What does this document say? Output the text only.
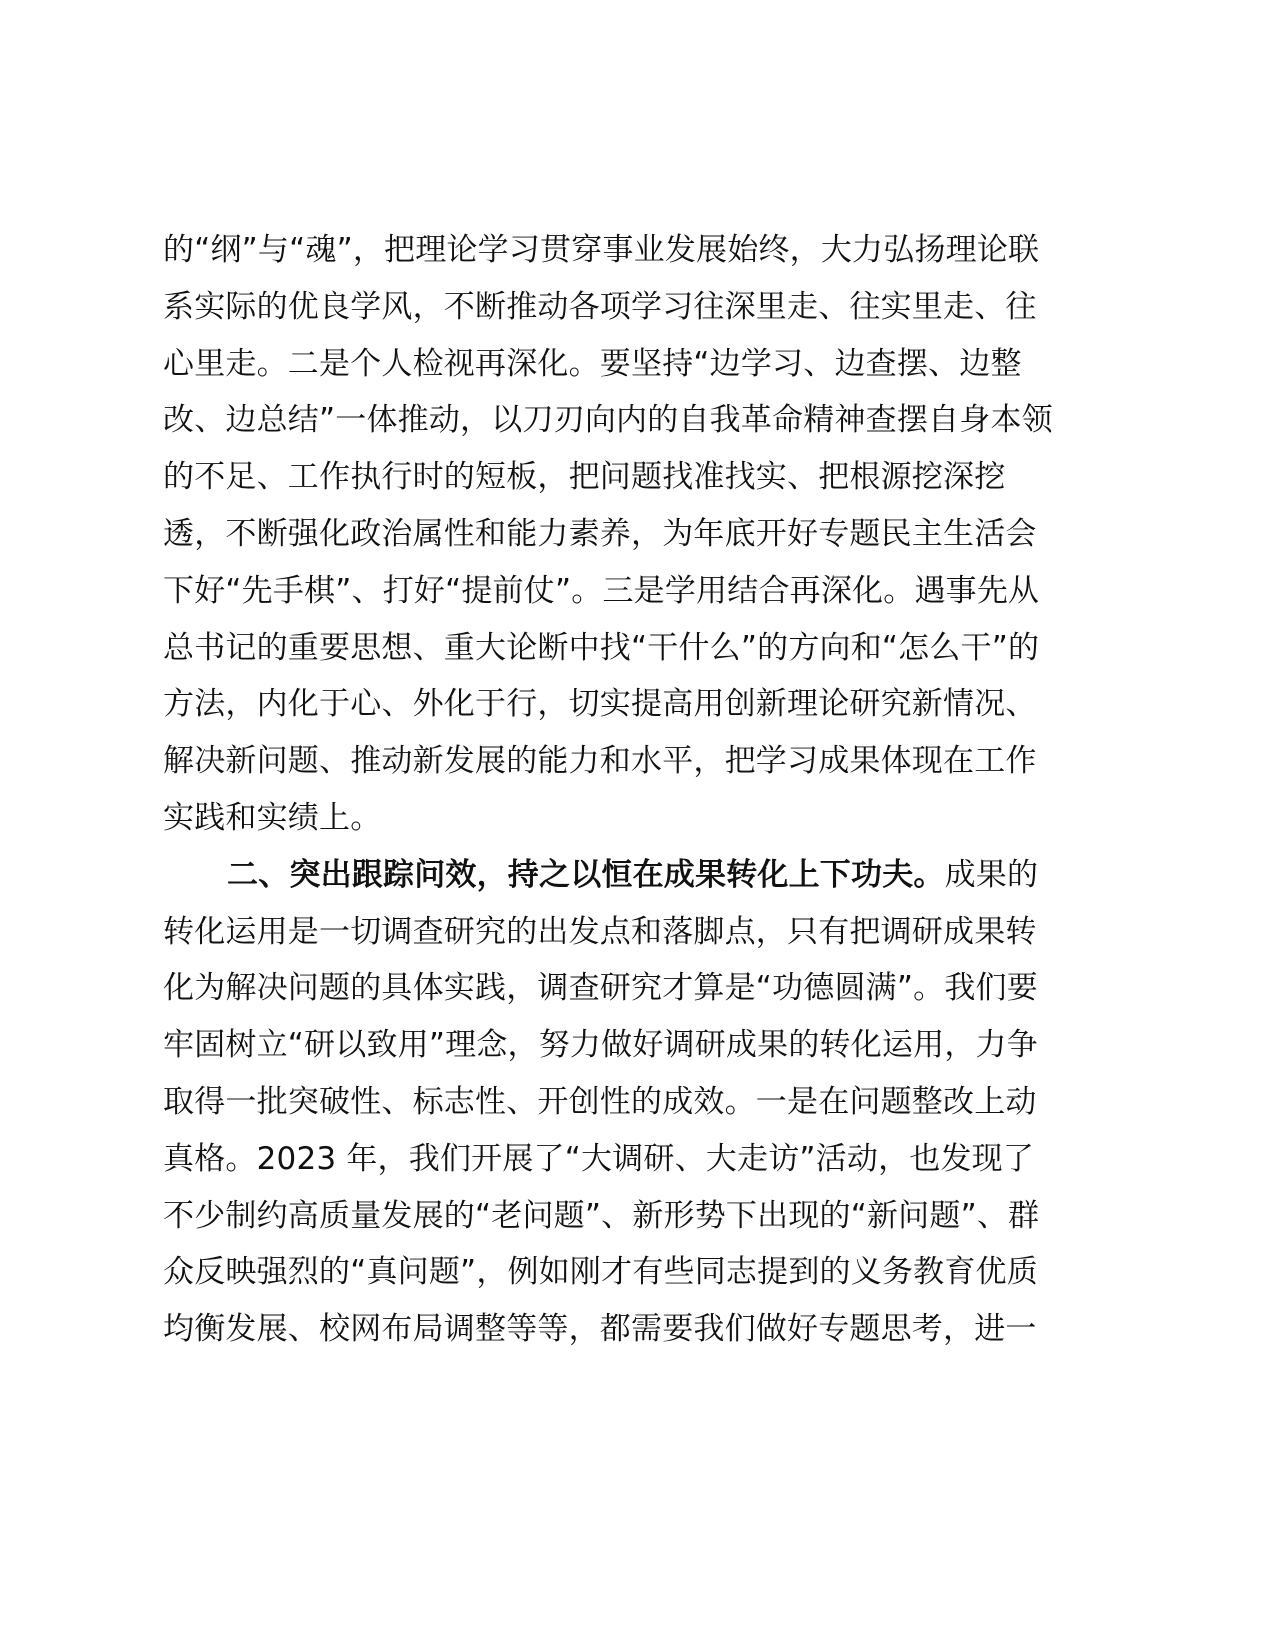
的“纲”与“魂”，把理论学习贯穿事业发展始终，大力弘扬理论联
系实际的优良学风，不断推动各项学习往深里走、往实里走、往
心里走。二是个人检视再深化。要坚持“边学习、边查摆、边整
改、边总结”一体推动，以刀刃向内的自我革命精神查摆自身本领
的不足、工作执行时的短板，把问题找准找实、把根源挖深挖
透，不断强化政治属性和能力素养，为年底开好专题民主生活会
下好“先手棋”、打好“提前仗”。三是学用结合再深化。遇事先从
总书记的重要思想、重大论断中找“干什么”的方向和“怎么干”的
方法，内化于心、外化于行，切实提高用创新理论研究新情况、
解决新问题、推动新发展的能力和水平，把学习成果体现在工作
实践和实绩上。
二、突出跟踪问效，持之以恒在成果转化上下功夫。成果的
转化运用是一切调查研究的出发点和落脚点，只有把调研成果转
化为解决问题的具体实践，调查研究才算是“功德圆满”。我们要
牢固树立“研以致用”理念，努力做好调研成果的转化运用，力争
取得一批突破性、标志性、开创性的成效。一是在问题整改上动
真格。2023 年，我们开展了“大调研、大走访”活动，也发现了
不少制约高质量发展的“老问题”、新形势下出现的“新问题”、群
众反映强烈的“真问题”，例如刚才有些同志提到的义务教育优质
均衡发展、校网布局调整等等，都需要我们做好专题思考，进一
